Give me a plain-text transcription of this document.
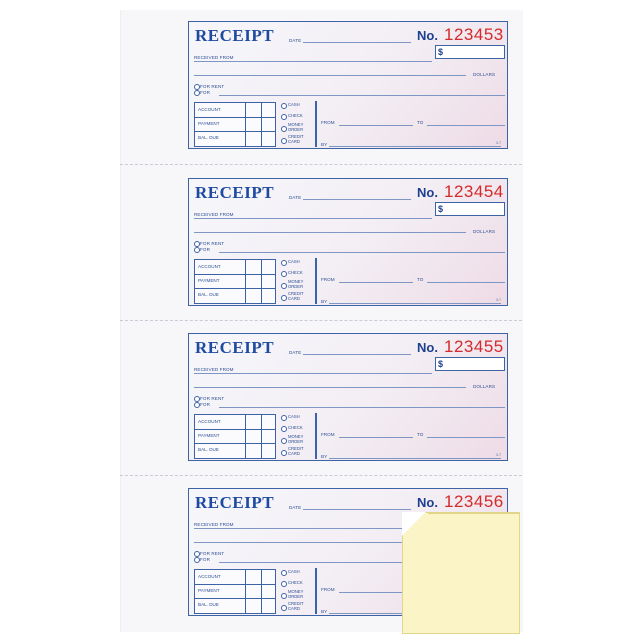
RECEIPT	DATE	No. 123453
$
RECEIVED FROM
DOLLARS
FOR RENT
FOR
ACCOUNT
PAYMENT
BAL. DUE
CASH
CHECK
MONEY ORDER
CREDIT CARD
FROM	TO
BY	3-7
RECEIPT	DATE	No. 123454
$
RECEIVED FROM
DOLLARS
FOR RENT
FOR
ACCOUNT
PAYMENT
BAL. DUE
CASH
CHECK
MONEY ORDER
CREDIT CARD
FROM	TO
BY	3-7
RECEIPT	DATE	No. 123455
$
RECEIVED FROM
DOLLARS
FOR RENT
FOR
ACCOUNT
PAYMENT
BAL. DUE
CASH
CHECK
MONEY ORDER
CREDIT CARD
FROM	TO
BY	3-7
RECEIPT	DATE	No. 123456
RECEIVED FROM
FOR RENT
FOR
ACCOUNT
PAYMENT
BAL. DUE
CASH
CHECK
MONEY ORDER
CREDIT CARD
FROM
BY
